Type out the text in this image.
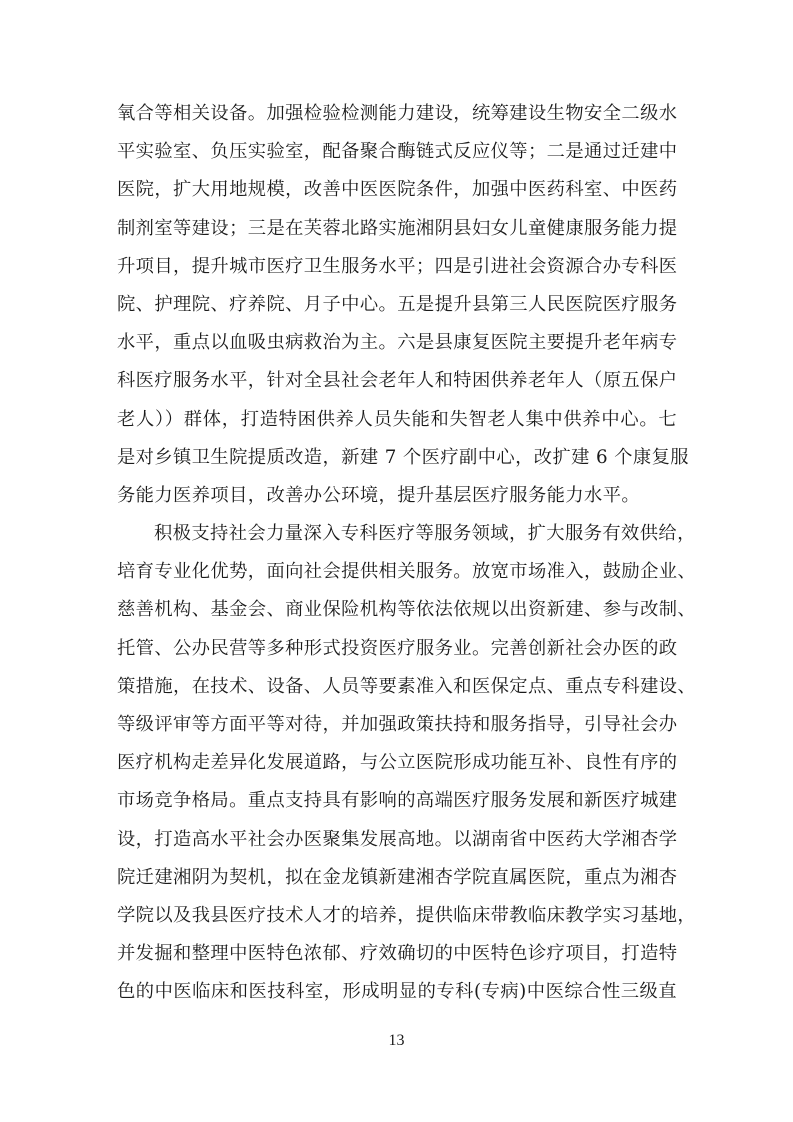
氧合等相关设备。加强检验检测能力建设，统筹建设生物安全二级水
平实验室、负压实验室，配备聚合酶链式反应仪等；二是通过迁建中
医院，扩大用地规模，改善中医医院条件，加强中医药科室、中医药
制剂室等建设；三是在芙蓉北路实施湘阴县妇女儿童健康服务能力提
升项目，提升城市医疗卫生服务水平；四是引进社会资源合办专科医
院、护理院、疗养院、月子中心。五是提升县第三人民医院医疗服务
水平，重点以血吸虫病救治为主。六是县康复医院主要提升老年病专
科医疗服务水平，针对全县社会老年人和特困供养老年人（原五保户
老人））群体，打造特困供养人员失能和失智老人集中供养中心。七
是对乡镇卫生院提质改造，新建 7 个医疗副中心，改扩建 6 个康复服
务能力医养项目，改善办公环境，提升基层医疗服务能力水平。
积极支持社会力量深入专科医疗等服务领域，扩大服务有效供给，
培育专业化优势，面向社会提供相关服务。放宽市场准入，鼓励企业、
慈善机构、基金会、商业保险机构等依法依规以出资新建、参与改制、
托管、公办民营等多种形式投资医疗服务业。完善创新社会办医的政
策措施，在技术、设备、人员等要素准入和医保定点、重点专科建设、
等级评审等方面平等对待，并加强政策扶持和服务指导，引导社会办
医疗机构走差异化发展道路，与公立医院形成功能互补、良性有序的
市场竞争格局。重点支持具有影响的高端医疗服务发展和新医疗城建
设，打造高水平社会办医聚集发展高地。以湖南省中医药大学湘杏学
院迁建湘阴为契机，拟在金龙镇新建湘杏学院直属医院，重点为湘杏
学院以及我县医疗技术人才的培养，提供临床带教临床教学实习基地，
并发掘和整理中医特色浓郁、疗效确切的中医特色诊疗项目，打造特
色的中医临床和医技科室，形成明显的专科(专病)中医综合性三级直
13
